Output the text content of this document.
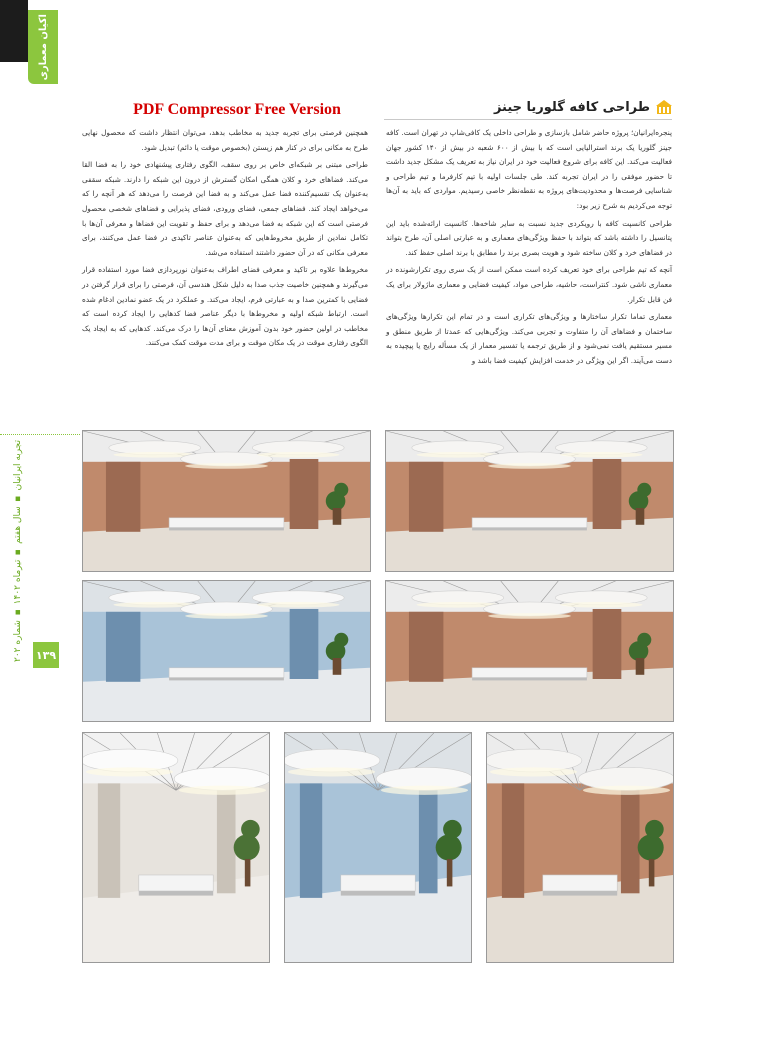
اکیان معماری
تجربه ایرانیان ▪ سال هفتم ▪ تیرماه ۱۴۰۲ ▪ شماره ۲۰۲
۱۳۹
PDF Compressor Free Version	طراحی کافه گلوریا جینز

پنجره‌ایرانیان؛ پروژه حاضر شامل بازسازی و طراحی داخلی یک کافی‌شاپ در تهران است. کافه جینز گلوریا یک برند استرالیایی است که با بیش از ۶۰۰ شعبه در بیش از ۱۴۰ کشور جهان فعالیت می‌کند. این کافه برای شروع فعالیت خود در ایران نیاز به تعریف یک مشکل جدید داشت تا حضور موفقی را در ایران تجربه کند. طی جلسات اولیه با تیم کارفرما و تیم طراحی و شناسایی فرصت‌ها و محدودیت‌های پروژه به نقطه‌نظر خاصی رسیدیم. مواردی که باید به آن‌ها توجه می‌کردیم به شرح زیر بود:

طراحی کانسپت کافه با رویکردی جدید نسبت به سایر شاخه‌ها. کانسپت ارائه‌شده باید این پتانسیل را داشته باشد که بتواند با حفظ ویژگی‌های معماری و به عبارتی اصلی آن، طرح بتواند در فضاهای خرد و کلان ساخته شود و هویت بصری برند را مطابق با برند اصلی حفظ کند.

آنچه که تیم طراحی برای خود تعریف کرده است ممکن است از یک سری روی تکرارشونده در معماری ناشی شود. کنتراست، حاشیه، طراحی مواد، کیفیت فضایی و معماری ماژولار برای یک فن قابل تکرار.

معماری تماما تکرار ساختارها و ویژگی‌های تکراری است و در تمام این تکرارها ویژگی‌های ساختمان و فضاهای آن را متفاوت و تجربی می‌کند. ویژگی‌هایی که عمدتا از طریق منطق و مسیر مستقیم یافت نمی‌شود و از طریق ترجمه یا تفسیر معمار از یک مسأله رایج یا پیچیده به دست می‌آیند. اگر این ویژگی در خدمت افزایش کیفیت فضا باشد و

همچنین فرصتی برای تجربه جدید به مخاطب بدهد، می‌توان انتظار داشت که محصول نهایی طرح به مکانی برای در کنار هم زیستن (بخصوص موقت یا دائم) تبدیل شود.

طراحی مبتنی بر شبکه‌ای خاص بر روی سقف، الگوی رفتاری پیشنهادی خود را به فضا القا می‌کند. فضاهای خرد و کلان همگی امکان گسترش از درون این شبکه را دارند. شبکه سقفی به‌عنوان یک تقسیم‌کننده فضا عمل می‌کند و به فضا این فرصت را می‌دهد که هر آنچه را که می‌خواهد ایجاد کند. فضاهای جمعی، فضای ورودی، فضای پذیرایی و فضاهای شخصی محصول فرصتی است که این شبکه به فضا می‌دهد و برای حفظ و تقویت این فضاها و معرفی آن‌ها با تکامل نمادین از طریق مخروط‌هایی که به‌عنوان عناصر تاکیدی در فضا عمل می‌کنند، برای معرفی مکانی که در آن حضور داشتند استفاده می‌شد.

مخروط‌ها علاوه بر تاکید و معرفی فضای اطراف به‌عنوان نورپردازی فضا مورد استفاده قرار می‌گیرند و همچنین خاصیت جذب صدا به دلیل شکل هندسی آن، فرصتی را برای قرار گرفتن در فضایی با کمترین صدا و به عبارتی فرم، ایجاد می‌کند. و عملکرد در یک عضو نمادین ادغام شده است. ارتباط شبکه اولیه و مخروط‌ها با دیگر عناصر فضا کدهایی را ایجاد کرده است که مخاطب در اولین حضور خود بدون آموزش معنای آن‌ها را درک می‌کند. کدهایی که به ایجاد یک الگوی رفتاری موقت در یک مکان موقت و برای مدت موقت کمک می‌کنند.
